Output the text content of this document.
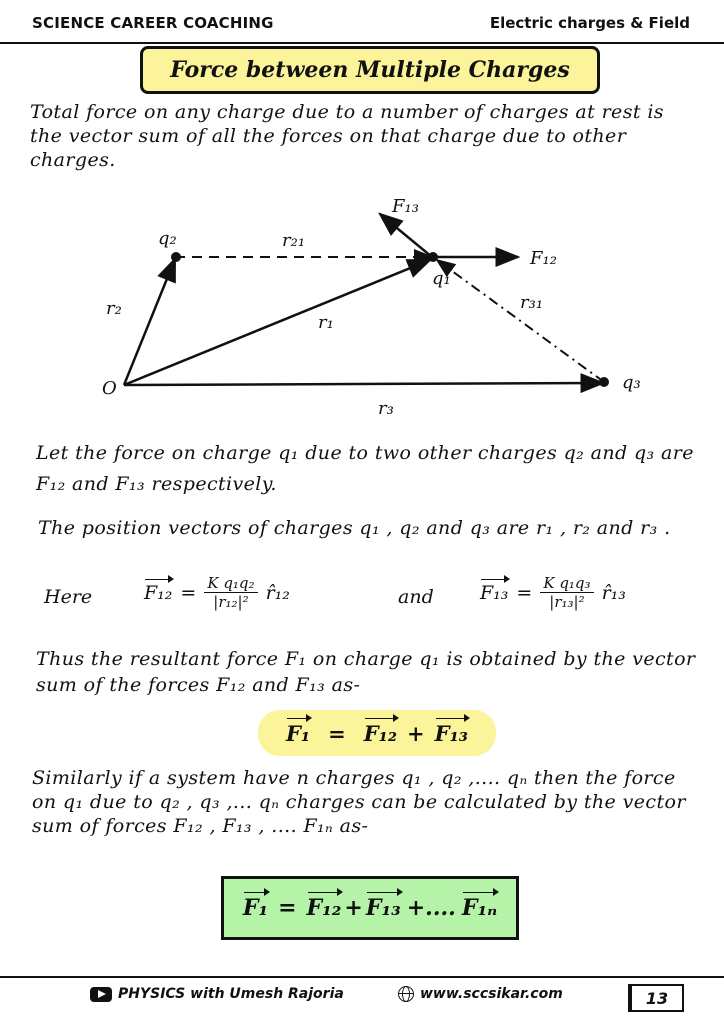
SCIENCE CAREER COACHING	Electric charges & Field
Force between Multiple Charges
Total force on any charge due to a number of charges at rest is the vector sum of all the forces on that charge due to other charges.
O
q₂
q₁
q₃
r₂
r₂₁
r₁
r₃₁
r₃
F₁₂
F₁₃
Let the force on charge q₁ due to two other charges q₂ and q₃ are F₁₂ and F₁₃ respectively.
The position vectors of charges q₁ , q₂ and q₃ are r₁ , r₂ and r₃ .
Here	$F_{12} = \frac{\text{K q₁q₂}}{\text{|r₁₂|²}}$ r̂₁₂	and $F_{13} = \frac{\text{K q₁q₃}}{\text{|r₁₃|²}}$ r̂₁₃
Thus the resultant force F₁ on charge q₁ is obtained by the vector sum of the forces F₁₂ and F₁₃ as-
F₁ = F₁₂ + F₁₃
Similarly if a system have n charges q₁ , q₂ ,.... qₙ then the force on q₁ due to q₂ , q₃ ,... qₙ charges can be calculated by the vector sum of forces F₁₂ , F₁₃ , .... F₁ₙ as-
F₁ = F₁₂ + F₁₃ +.... F₁ₙ
PHYSICS with Umesh Rajoria	www.sccsikar.com	13
